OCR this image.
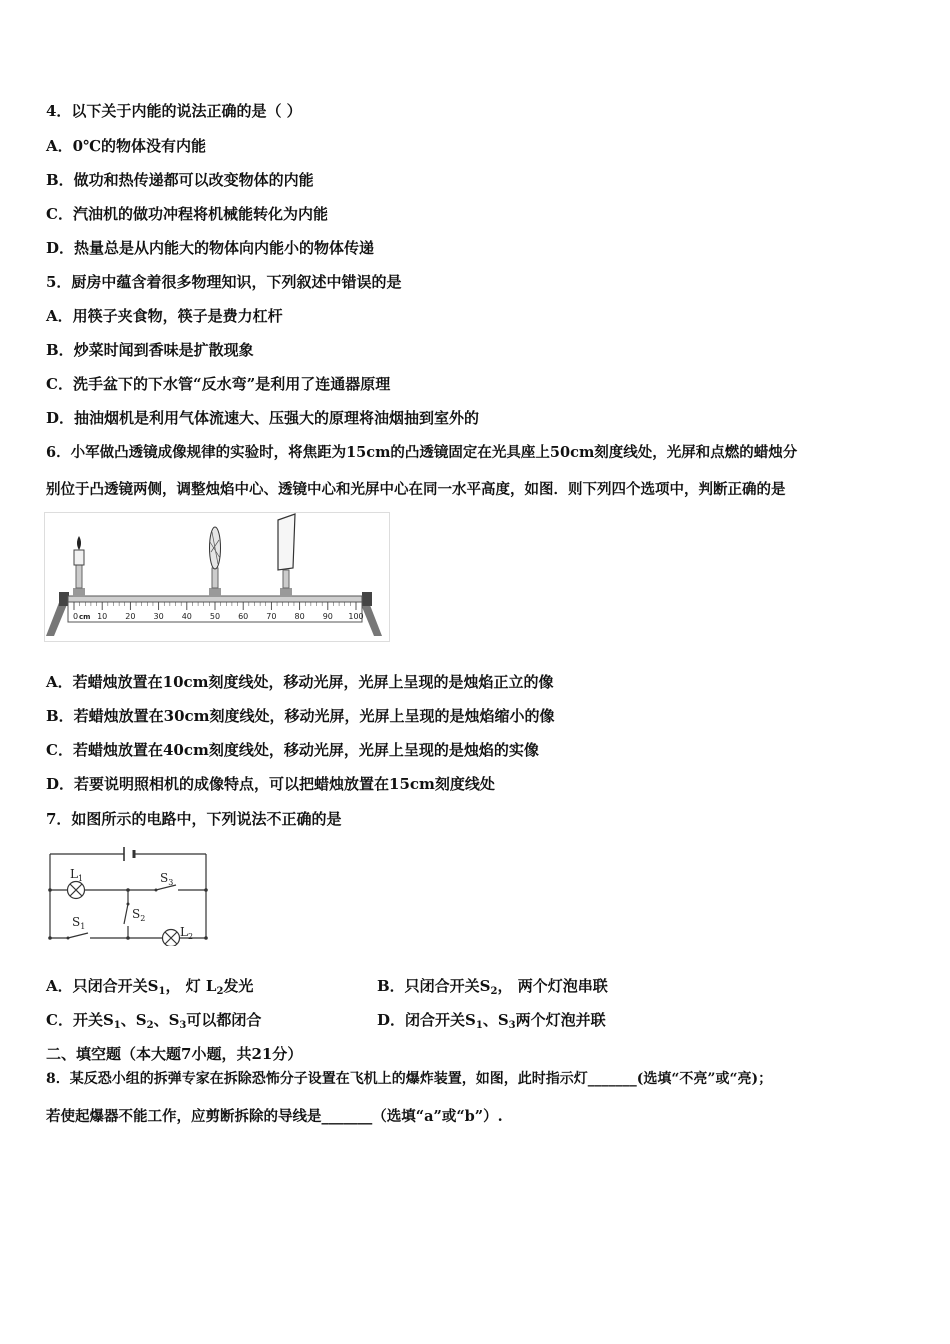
4．以下关于内能的说法正确的是（ ）
A．0℃的物体没有内能
B．做功和热传递都可以改变物体的内能
C．汽油机的做功冲程将机械能转化为内能
D．热量总是从内能大的物体向内能小的物体传递
5．厨房中蕴含着很多物理知识，下列叙述中错误的是
A．用筷子夹食物，筷子是费力杠杆
B．炒菜时闻到香味是扩散现象
C．洗手盆下的下水管“反水弯”是利用了连通器原理
D．抽油烟机是利用气体流速大、压强大的原理将油烟抽到室外的
6．小军做凸透镜成像规律的实验时，将焦距为15cm的凸透镜固定在光具座上50cm刻度线处，光屏和点燃的蜡烛分
别位于凸透镜两侧，调整烛焰中心、透镜中心和光屏中心在同一水平高度，如图．则下列四个选项中，判断正确的是
0 10 20 30 40 50 60 70 80 90 100
cm
A．若蜡烛放置在10cm刻度线处，移动光屏，光屏上呈现的是烛焰正立的像
B．若蜡烛放置在30cm刻度线处，移动光屏，光屏上呈现的是烛焰缩小的像
C．若蜡烛放置在40cm刻度线处，移动光屏，光屏上呈现的是烛焰的实像
D．若要说明照相机的成像特点，可以把蜡烛放置在15cm刻度线处
7．如图所示的电路中，下列说法不正确的是
$L_1$	$S_3$
$S_1$
$S_2$
$L_2$
A．只闭合开关$S_1$， 灯 $L_2$发光	B．只闭合开关$S_2$， 两个灯泡串联
C．开关$S_1$、$S_2$、$S_3$可以都闭合	D．闭合开关$S_1$、$S_3$两个灯泡并联
二、填空题（本大题7小题，共21分）
8．某反恐小组的拆弹专家在拆除恐怖分子设置在飞机上的爆炸装置，如图，此时指示灯_______(选填“不亮”或“亮)；
若使起爆器不能工作，应剪断拆除的导线是_______（选填“a”或“b”）.
